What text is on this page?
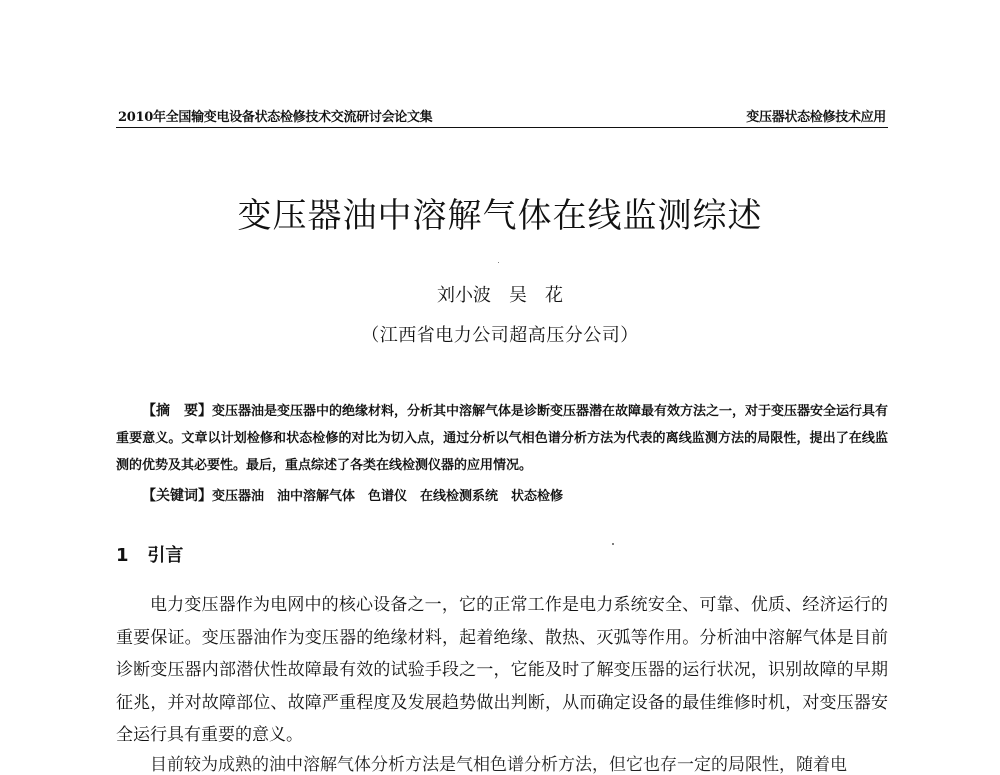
2010年全国输变电设备状态检修技术交流研讨会论文集	变压器状态检修技术应用
变压器油中溶解气体在线监测综述
刘小波　吴　花
（江西省电力公司超高压分公司）
【摘　要】变压器油是变压器中的绝缘材料，分析其中溶解气体是诊断变压器潜在故障最有效方法之一，对于变压器安全运行具有重要意义。文章以计划检修和状态检修的对比为切入点，通过分析以气相色谱分析方法为代表的离线监测方法的局限性，提出了在线监测的优势及其必要性。最后，重点综述了各类在线检测仪器的应用情况。
【关键词】变压器油　油中溶解气体　色谱仪　在线检测系统　状态检修
1 引言

电力变压器作为电网中的核心设备之一，它的正常工作是电力系统安全、可靠、优质、经济运行的重要保证。变压器油作为变压器的绝缘材料，起着绝缘、散热、灭弧等作用。分析油中溶解气体是目前诊断变压器内部潜伏性故障最有效的试验手段之一，它能及时了解变压器的运行状况，识别故障的早期征兆，并对故障部位、故障严重程度及发展趋势做出判断，从而确定设备的最佳维修时机，对变压器安全运行具有重要的意义。

目前较为成熟的油中溶解气体分析方法是气相色谱分析方法，但它也存一定的局限性，随着电
